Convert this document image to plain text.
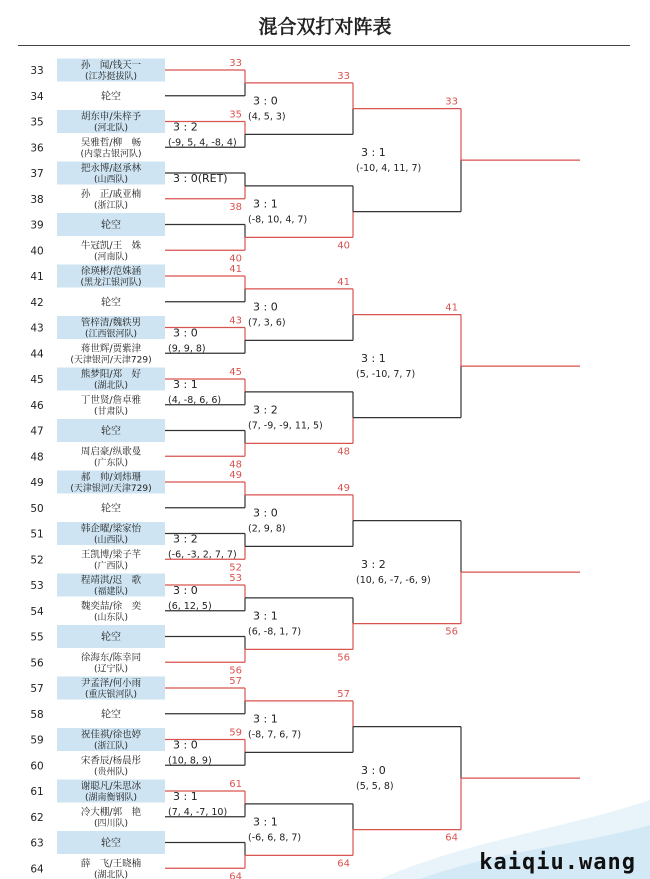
混合双打对阵表
33	孙　闻/钱天一
(江苏挺拔队)
34	轮空
35	胡东申/朱梓予
(河北队)
36	吴雅哲/柳　畅
(内蒙古银河队)
37	把永博/赵承林
(山西队)
38	孙　正/戚亚楠
(浙江队)
39	轮空
40	牛冠凯/王　姝
(河南队)
41	徐瑛彬/范姝涵
(黑龙江银河队)
42	轮空
43	管梓清/魏轶男
(江西银河队)
44	蒋世辉/贾紫津
(天津银河/天津729)
45	熊梦阳/郑　好
(湖北队)
46	丁世贤/詹卓雅
(甘肃队)
47	轮空
48	周启豪/纵歌曼
(广东队)
49	郝　帅/刘炜珊
(天津银河/天津729)
50	轮空
51	韩企曜/梁家怡
(山西队)
52	王凯博/梁子芊
(广西队)
53	程靖淇/迟　歌
(福建队)
54	魏奕喆/徐　奕
(山东队)
55	轮空
56	徐海东/陈幸同
(辽宁队)
57	尹孟泽/何小雨
(重庆银河队)
58	轮空
59	祝佳祺/徐也婷
(浙江队)
60	宋香辰/杨晨彤
(贵州队)
61	谢聪凡/朱思冰
(湖南衡钢队)
62	冷大棚/郭　艳
(四川队)
63	轮空
64	薛　飞/王晓楠
(湖北队)
33
35
3 : 2
(-9, 5, 4, -8, 4)
38
3 : 0(RET)
40
41
43
3 : 0
(9, 9, 8)
45
3 : 1
(4, -8, 6, 6)
48
49
52
3 : 2
(-6, -3, 2, 7, 7)
53
3 : 0
(6, 12, 5)
56
57
59
3 : 0
(10, 8, 9)
61
3 : 1
(7, 4, -7, 10)
64
33
3 : 0
(4, 5, 3)
40
3 : 1
(-8, 10, 4, 7)
41
3 : 0
(7, 3, 6)
48
3 : 2
(7, -9, -9, 11, 5)
49
3 : 0
(2, 9, 8)
56
3 : 1
(6, -8, 1, 7)
57
3 : 1
(-8, 7, 6, 7)
64
3 : 1
(-6, 6, 8, 7)
33
3 : 1
(-10, 4, 11, 7)
41
3 : 1
(5, -10, 7, 7)
56
3 : 2
(10, 6, -7, -6, 9)
64
3 : 0
(5, 5, 8)
kaiqiu.wang
